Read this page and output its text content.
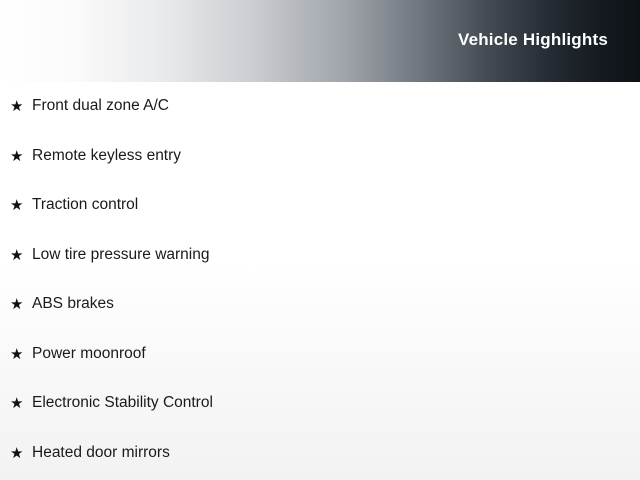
Vehicle Highlights
★ Front dual zone A/C
★ Remote keyless entry
★ Traction control
★ Low tire pressure warning
★ ABS brakes
★ Power moonroof
★ Electronic Stability Control
★ Heated door mirrors
